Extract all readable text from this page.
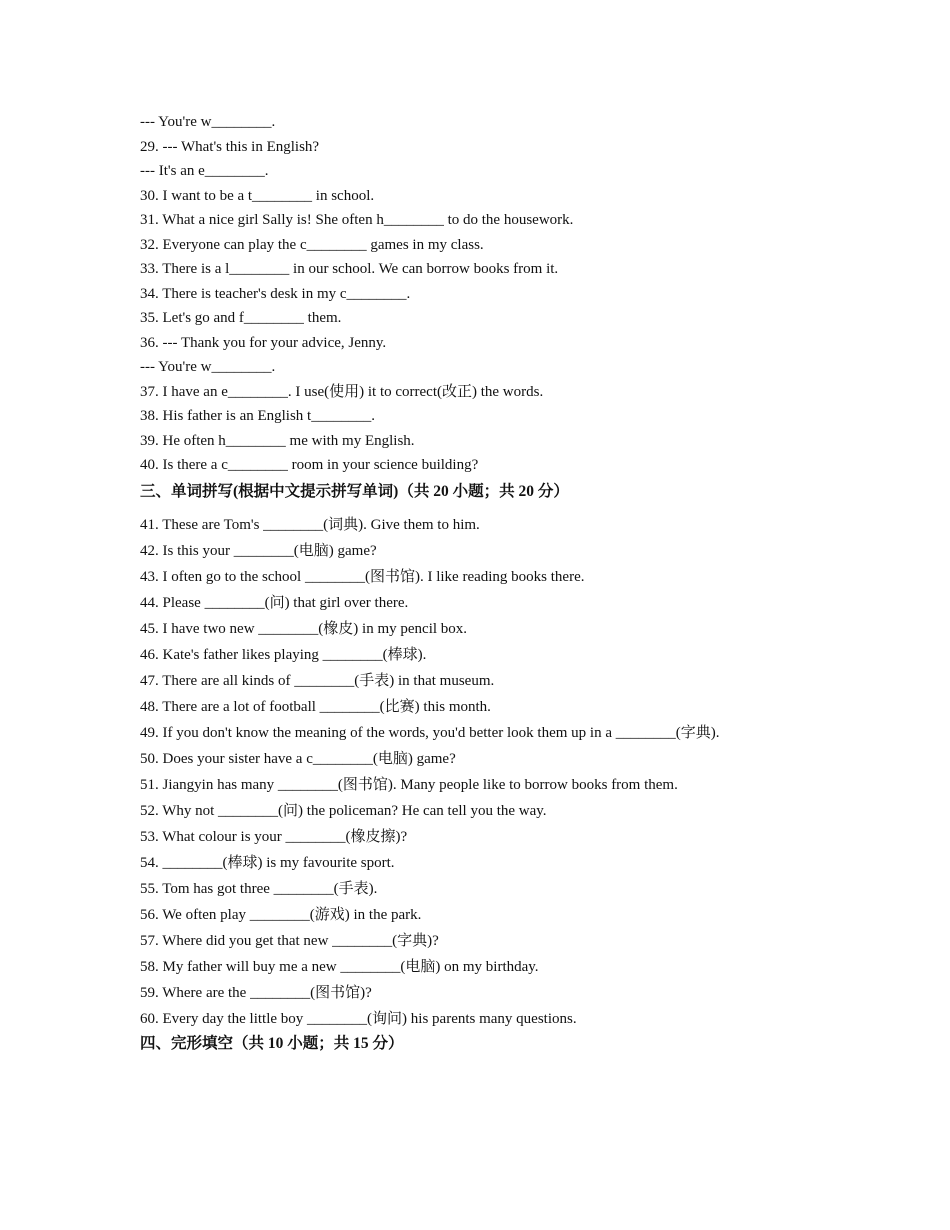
--- You're w________.
29. --- What's this in English?
--- It's an e________.
30. I want to be a t________ in school.
31. What a nice girl Sally is! She often h________ to do the housework.
32. Everyone can play the c________ games in my class.
33. There is a l________ in our school. We can borrow books from it.
34. There is teacher's desk in my c________.
35. Let's go and f________ them.
36. --- Thank you for your advice, Jenny.
--- You're w________.
37. I have an e________. I use(使用) it to correct(改正) the words.
38. His father is an English t________.
39. He often h________ me with my English.
40. Is there a c________ room in your science building?
三、单词拼写(根据中文提示拼写单词)（共 20 小题；共 20 分）
41. These are Tom's ________(词典). Give them to him.
42. Is this your ________(电脑) game?
43. I often go to the school ________(图书馆). I like reading books there.
44. Please ________(问) that girl over there.
45. I have two new ________(橡皮) in my pencil box.
46. Kate's father likes playing ________(棒球).
47. There are all kinds of ________(手表) in that museum.
48. There are a lot of football ________(比赛) this month.
49. If you don't know the meaning of the words, you'd better look them up in a ________(字典).
50. Does your sister have a c________(电脑) game?
51. Jiangyin has many ________(图书馆). Many people like to borrow books from them.
52. Why not ________(问) the policeman? He can tell you the way.
53. What colour is your ________(橡皮擦)?
54. ________(棒球) is my favourite sport.
55. Tom has got three ________(手表).
56. We often play ________(游戏) in the park.
57. Where did you get that new ________(字典)?
58. My father will buy me a new ________(电脑) on my birthday.
59. Where are the ________(图书馆)?
60. Every day the little boy ________(询问) his parents many questions.
四、完形填空（共 10 小题；共 15 分）
